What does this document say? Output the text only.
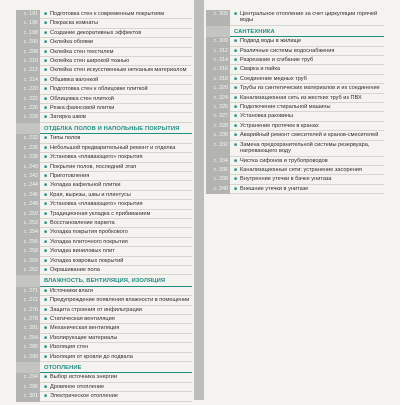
с. 191	■ Подготовка стен к современным покрытиям
с. 196	■ Покраска комнаты
с. 198	■ Создание декоративных эффектов
с. 200	■ Оклейка обоями
с. 208	■ Оклейка стен текстилем
с. 210	■ Оклейка стен широкой тканью
с. 212	■ Оклейка стен искусственным нетканым материалом
с. 214	■ Обшивка вагонкой
с. 220	■ Подготовка стен к облицовке плиткой
с. 222	■ Облицовка стен плиткой
с. 226	■ Резка фаянсовой плитки
с. 228	■ Затирка швов
ОТДЕЛКА ПОЛОВ И НАПОЛЬНЫЕ ПОКРЫТИЯ
с. 232	■ Типы полов
с. 236	■ Небольшой предварительный ремонт и отделка
с. 238	■ Установка «плавающего» покрытия
с. 240	■ Покрытие полов, последний этап
с. 242	■ Приготовления
с. 244	■ Укладка кафельной плитки
с. 246	■ Края, вырезы, швы и плинтусы
с. 248	■ Установка «плавающего» покрытия
с. 250	■ Традиционная укладка с прибиванием
с. 253	■ Восстановление паркета
с. 254	■ Укладка покрытия пробкового
с. 256	■ Укладка плиточного покрытия
с. 258	■ Укладка виниловых плит
с. 259	■ Укладка ковровых покрытий
с. 262	■ Окрашивание пола
ВЛАЖНОСТЬ, ВЕНТИЛЯЦИЯ, ИЗОЛЯЦИЯ
с. 271	■ Источники влаги
с. 272	■ Предупреждение появления влажности в помещении
с. 276	■ Защита строения от инфильтрации
с. 278	■ Статическая вентиляция
с. 281	■ Механическая вентиляция
с. 284	■ Изолирующие материалы
с. 286	■ Изоляция стен
с. 290	■ Изоляция от кровли до подвала
ОТОПЛЕНИЕ
с. 294	■ Выбор источника энергии
с. 296	■ Дровяное отопление
с. 301	■ Электрическое отопление
с. 305	■ Центральное отопление за счет циркуляции горячей воды
САНТЕХНИКА
с. 309	■ Подвод воды в жилище
с. 312	■ Различные системы водоснабжения
с. 314	■ Разрезание и сгибание труб
с. 316	■ Сварка и пайка
с. 318	■ Соединение медных труб
с. 320	■ Трубы из синтетических материалов и их соединение
с. 324	■ Канализационная сеть из жестких труб из ПВХ
с. 326	■ Подключение стиральной машины
с. 327	■ Установка раковины
с. 328	■ Устранение протечек в кранах
с. 330	■ Аварийный ремонт смесителей и кранов-смесителей
с. 332	■ Замена предохранительной системы резервуара, нагревающего воду
с. 334	■ Чистка сифонов и трубопроводов
с. 336	■ Канализационные сети: устранение засорения
с. 338	■ Внутренние утечки в бачке унитаза
с. 340	■ Внешние утечки в унитазе
